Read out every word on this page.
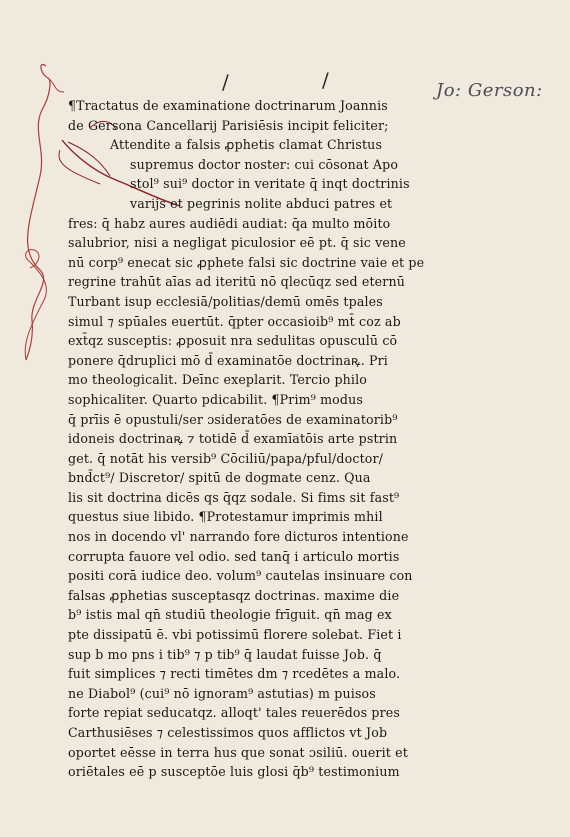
/	/	Jo: Gerson:
¶Tractatus de examinatione doctrinarum Joannis
de Gersona Cancellarij Parisiēsis incipit feliciter;
Attendite a falsis ꝓphetis clamat Christus
supremus doctor noster: cui cōsonat Apo
stol⁹ sui⁹ doctor in veritate q̄ inqt doctrinis
varijs et pegrinis nolite abduci patres et
fres: q̄ habz aures audiēdi audiat: q̄a multo mōito
salubrior, nisi a negligat piculosior eē pt. q̄ sic vene
nū corp⁹ enecat sic ꝓphete falsi sic doctrine vaie et pe
regrine trahūt aīas ad iteritū nō qlecūqz sed eternū
Turbant isup ecclesiā/politias/demū omēs tpales
simul ⁊ spūales euertūt. q̄pter occasioib⁹ mt̄ coz ab
ext̄qz susceptis: ꝓposuit nra sedulitas opusculū cō
ponere q̄druplici mō d̄ examinatōe doctrinaꝶ. Pri
mo theologicalit. Deīnc exeplarit. Tercio philo
sophicaliter. Quarto pdicabilit. ¶Prim⁹ modus
q̄ prīis ē opustuli/ser ɔsideratōes de examinatorib⁹
idoneis doctrinaꝶ ⁊ totidē d̄ examīatōis arte pstrin
get. q̄ notāt his versib⁹ Cōciliū/papa/pful/doctor/
bnd̄ct⁹/ Discretor/ spitū de dogmate cenz. Qua
lis sit doctrina dicēs qs q̄qz sodale. Si fims sit fast⁹
questus siue libido. ¶Protestamur imprimis mhil
nos in docendo vl' narrando fore dicturos intentione
corrupta fauore vel odio. sed tanq̄ i articulo mortis
positi corā iudice deo. volum⁹ cautelas insinuare con
falsas ꝓphetias susceptasqz doctrinas. maxime die
b⁹ istis mal qn̄ studiū theologie frīguit. qn̄ mag ex
pte dissipatū ē. vbi potissimū florere solebat. Fiet i
sup b mo pns i tib⁹ ⁊ p tib⁹ q̄ laudat fuisse Job. q̄
fuit simplices ⁊ recti timētes dm ⁊ rcedētes a malo.
ne Diabol⁹ (cui⁹ nō ignoram⁹ astutias) m puisos
forte repiat seducatqz. alloqt' tales reuerēdos pres
Carthusiēses ⁊ celestissimos quos afflictos vt Job
oportet eēsse in terra hus que sonat ɔsiliū. ouerit et
oriētales eē p susceptōe luis glosi q̄b⁹ testimonium
